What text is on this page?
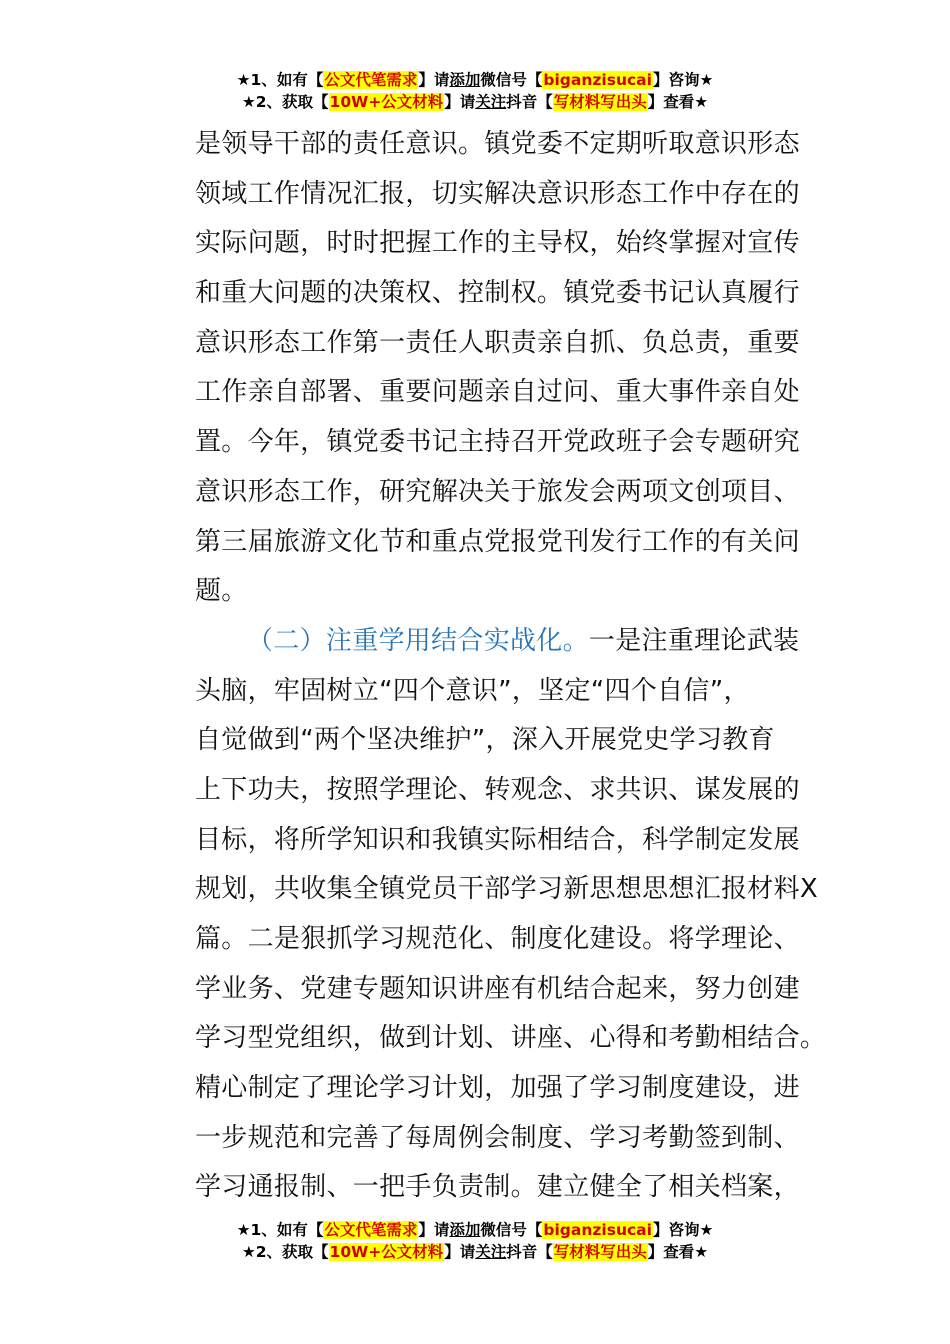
★1、如有【公文代笔需求】请添加微信号【biganzisucai】咨询★
★2、获取【10W+公文材料】请关注抖音【写材料写出头】查看★
是领导干部的责任意识。镇党委不定期听取意识形态
领域工作情况汇报，切实解决意识形态工作中存在的
实际问题，时时把握工作的主导权，始终掌握对宣传
和重大问题的决策权、控制权。镇党委书记认真履行
意识形态工作第一责任人职责亲自抓、负总责，重要
工作亲自部署、重要问题亲自过问、重大事件亲自处
置。今年，镇党委书记主持召开党政班子会专题研究
意识形态工作，研究解决关于旅发会两项文创项目、
第三届旅游文化节和重点党报党刊发行工作的有关问
题。
（二）注重学用结合实战化。一是注重理论武装
头脑，牢固树立“四个意识”，坚定“四个自信”，
自觉做到“两个坚决维护”，深入开展党史学习教育
上下功夫，按照学理论、转观念、求共识、谋发展的
目标，将所学知识和我镇实际相结合，科学制定发展
规划，共收集全镇党员干部学习新思想思想汇报材料X
篇。二是狠抓学习规范化、制度化建设。将学理论、
学业务、党建专题知识讲座有机结合起来，努力创建
学习型党组织，做到计划、讲座、心得和考勤相结合。
精心制定了理论学习计划，加强了学习制度建设，进
一步规范和完善了每周例会制度、学习考勤签到制、
学习通报制、一把手负责制。建立健全了相关档案，
★1、如有【公文代笔需求】请添加微信号【biganzisucai】咨询★
★2、获取【10W+公文材料】请关注抖音【写材料写出头】查看★
